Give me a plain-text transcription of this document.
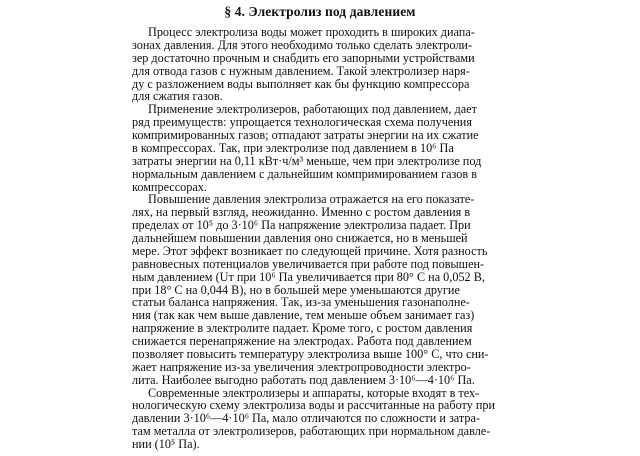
§ 4. Электролиз под давлением
Процесс электролиза воды может проходить в широких диапа-
зонах давления. Для этого необходимо только сделать электроли-
зер достаточно прочным и снабдить его запорными устройствами
для отвода газов с нужным давлением. Такой электролизер наря-
ду с разложением воды выполняет как бы функцию компрессора
для сжатия газов.
Применение электролизеров, работающих под давлением, дает
ряд преимуществ: упрощается технологическая схема получения
компримированных газов; отпадают затраты энергии на их сжатие
в компрессорах. Так, при электролизе под давлением в 10⁶ Па
затраты энергии на 0,11 кВт·ч/м³ меньше, чем при электролизе под
нормальным давлением с дальнейшим компримированием газов в
компрессорах.
Повышение давления электролиза отражается на его показате-
лях, на первый взгляд, неожиданно. Именно с ростом давления в
пределах от 10⁵ до 3·10⁶ Па напряжение электролиза падает. При
дальнейшем повышении давления оно снижается, но в меньшей
мере. Этот эффект возникает по следующей причине. Хотя разность
равновесных потенциалов увеличивается при работе под повышен-
ным давлением (Uт при 10⁶ Па увеличивается при 80° С на 0,052 В,
при 18° С на 0,044 В), но в большей мере уменьшаются другие
статьи баланса напряжения. Так, из-за уменьшения газонаполне-
ния (так как чем выше давление, тем меньше объем занимает газ)
напряжение в электролите падает. Кроме того, с ростом давления
снижается перенапряжение на электродах. Работа под давлением
позволяет повысить температуру электролиза выше 100° С, что сни-
жает напряжение из-за увеличения электропроводности электро-
лита. Наиболее выгодно работать под давлением 3·10⁶—4·10⁶ Па.
Современные электролизеры и аппараты, которые входят в тех-
нологическую схему электролиза воды и рассчитанные на работу при
давлении 3·10⁶—4·10⁶ Па, мало отличаются по сложности и затра-
там металла от электролизеров, работающих при нормальном давле-
нии (10⁵ Па).
